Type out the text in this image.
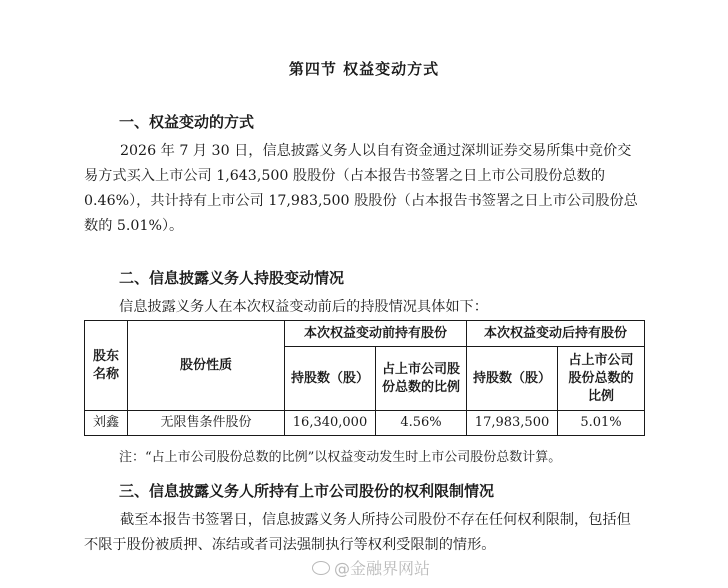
第四节 权益变动方式
一、权益变动的方式
2026 年 7 月 30 日，信息披露义务人以自有资金通过深圳证券交易所集中竞价交易方式买入上市公司 1,643,500 股股份（占本报告书签署之日上市公司股份总数的 0.46%），共计持有上市公司 17,983,500 股股份（占本报告书签署之日上市公司股份总数的 5.01%）。
二、信息披露义务人持股变动情况
信息披露义务人在本次权益变动前后的持股情况具体如下：
股东名称	股份性质	本次权益变动前持有股份		本次权益变动后持有股份	
		持股数（股）	占上市公司股份总数的比例	持股数（股）	占上市公司股份总数的比例
刘鑫	无限售条件股份	16,340,000	4.56%	17,983,500	5.01%
注：“占上市公司股份总数的比例”以权益变动发生时上市公司股份总数计算。
三、信息披露义务人所持有上市公司股份的权利限制情况
截至本报告书签署日，信息披露义务人所持公司股份不存在任何权利限制，包括但不限于股份被质押、冻结或者司法强制执行等权利受限制的情形。
@金融界网站
